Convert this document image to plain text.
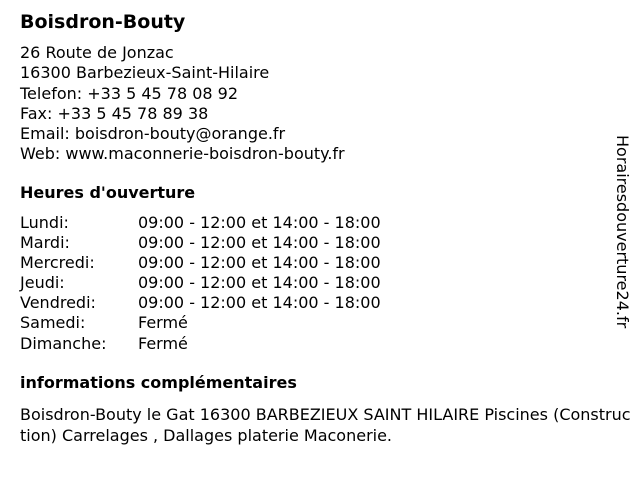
Boisdron-Bouty
26 Route de Jonzac
16300 Barbezieux-Saint-Hilaire
Telefon: +33 5 45 78 08 92
Fax: +33 5 45 78 89 38
Email: boisdron-bouty@orange.fr
Web: www.maconnerie-boisdron-bouty.fr
Heures d'ouverture
Lundi:	09:00 - 12:00 et 14:00 - 18:00
Mardi:	09:00 - 12:00 et 14:00 - 18:00
Mercredi:	09:00 - 12:00 et 14:00 - 18:00
Jeudi:	09:00 - 12:00 et 14:00 - 18:00
Vendredi:	09:00 - 12:00 et 14:00 - 18:00
Samedi:	Fermé
Dimanche: Fermé
informations complémentaires
Boisdron-Bouty le Gat 16300 BARBEZIEUX SAINT HILAIRE Piscines (Construction) Carrelages , Dallages platerie Maconerie.
Horairesdouverture24.fr
